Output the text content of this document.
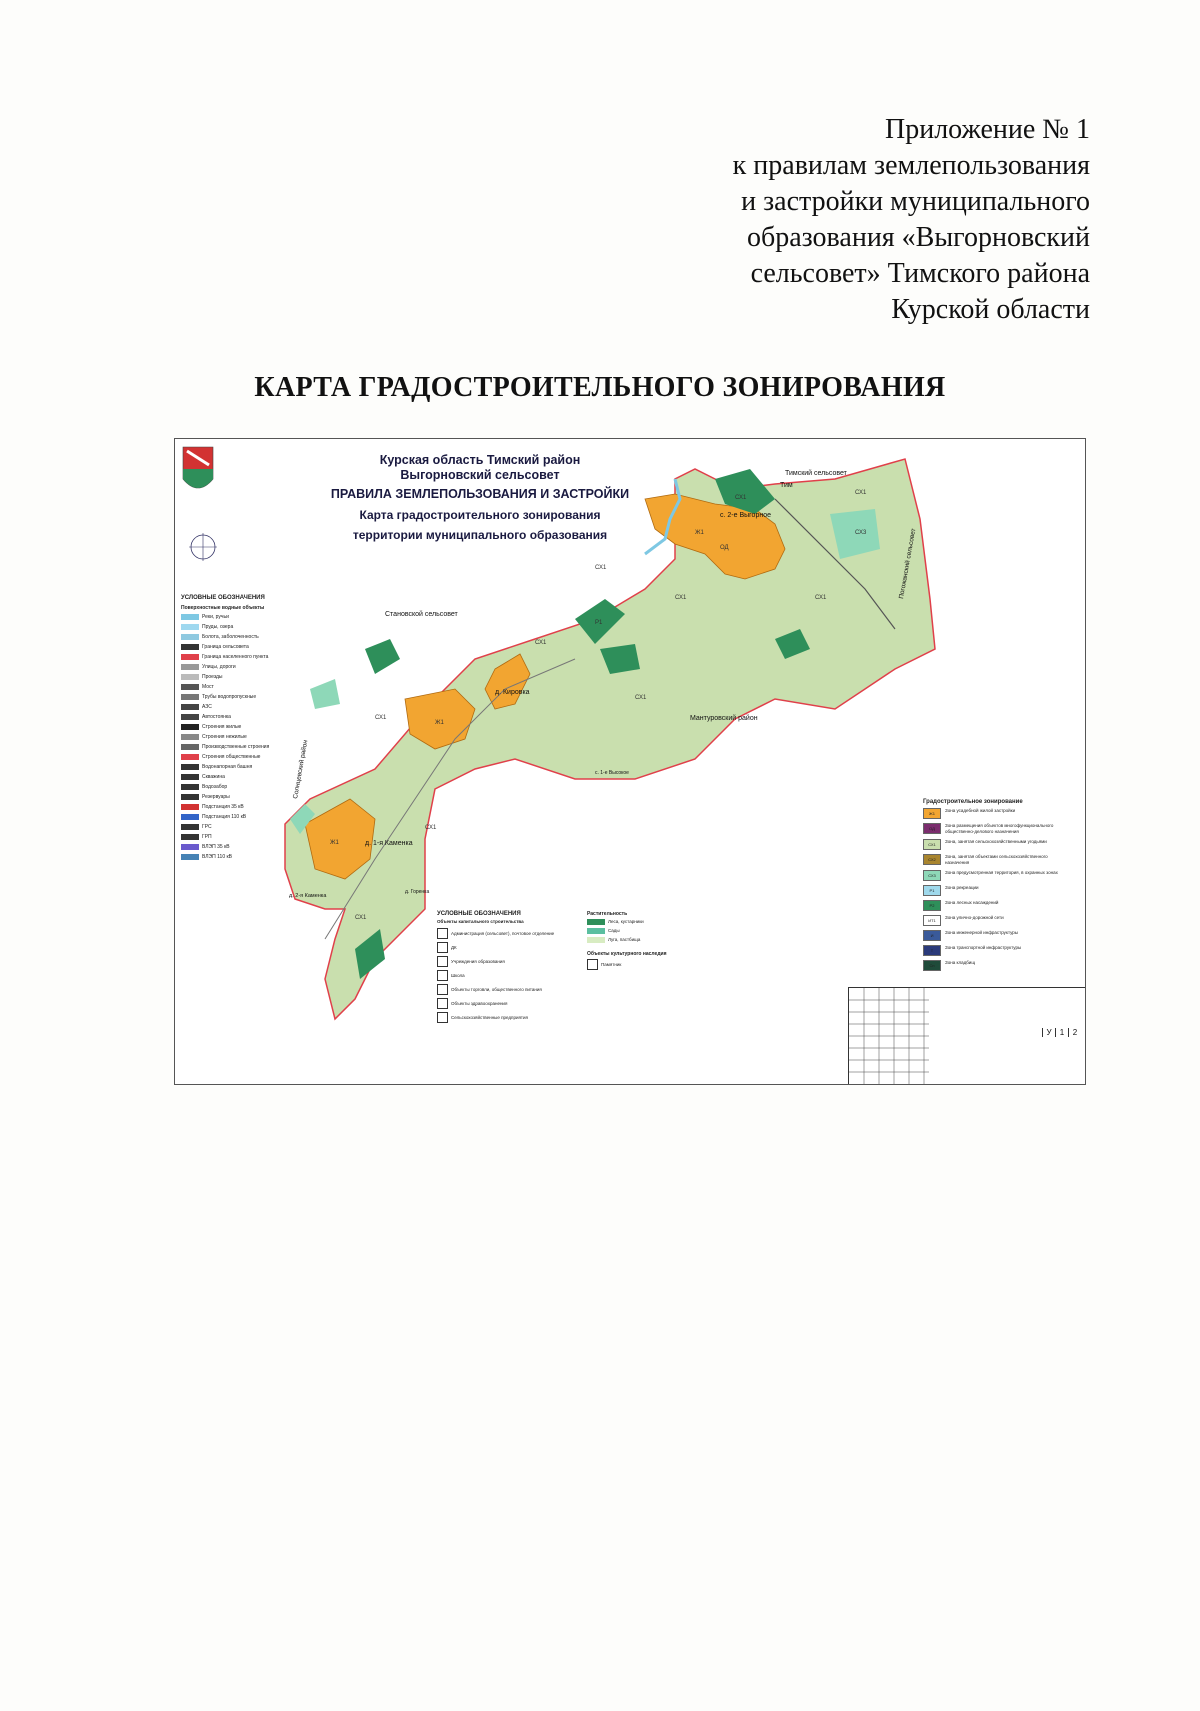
Приложение № 1
к правилам землепользования
и застройки муниципального
образования «Выгорновский
сельсовет» Тимского района
Курской области
КАРТА ГРАДОСТРОИТЕЛЬНОГО ЗОНИРОВАНИЯ
СХ1
СХ1
СХ1
СХ1
СХ1
СХ1
СХ1
СХ1
СХ1
СХ1
Ж1
Ж1
Ж1
ОД
СХ3
Р1
Тимский сельсовет
Тим
с. 2-е Выгорное
Становской сельсовет
д. Кировка
Мантуровский район
с. 1-е Высокое
д. 1-я Каменка
д. 2-я Каменка
д. Горенка
Солнцевский район
Погожанский сельсовет
Курская область Тимский район
Выгорновский сельсовет
ПРАВИЛА ЗЕМЛЕПОЛЬЗОВАНИЯ И ЗАСТРОЙКИ
Карта градостроительного зонирования
территории муниципального образования
УСЛОВНЫЕ ОБОЗНАЧЕНИЯ
Поверхностные водные объекты
Реки, ручьи
Пруды, озера
Болота, заболоченность
Граница сельсовета
Граница населенного пункта
Улицы, дороги
Проезды
Мост
Трубы водопропускные
АЗС
Автостоянка
Строения жилые
Строения нежилые
Производственные строения
Строения общественные
Водонапорная башня
Скважина
Водозабор
Резервуары
Подстанция 35 кВ
Подстанция 110 кВ
ГРС
ГРП
ВЛЭП 35 кВ
ВЛЭП 110 кВ
УСЛОВНЫЕ ОБОЗНАЧЕНИЯ
Объекты капитального строительства
Администрация (сельсовет), почтовое отделение
ДК
Учреждения образования
Школа
Объекты торговли, общественного питания
Объекты здравоохранения
Сельскохозяйственные предприятия
Растительность
Леса, кустарники
Сады
Луга, пастбища
Объекты культурного наследия
Памятник
Градостроительное зонирование
Ж1
Зона усадебной жилой застройки
ОД
Зона размещения объектов многофункционального общественно-делового назначения
СХ1
Зона, занятая сельскохозяйственными угодьями
СХ2
Зона, занятая объектами сельскохозяйственного назначения
СХ3
Зона предусмотренная территория, в охранных зонах
Р1
Зона рекреации
Р2
Зона лесных насаждений
ИТ1
Зона улично-дорожной сети
И
Зона инженерной инфраструктуры
Т
Зона транспортной инфраструктуры
Сп
Зона кладбищ
У 1 2
